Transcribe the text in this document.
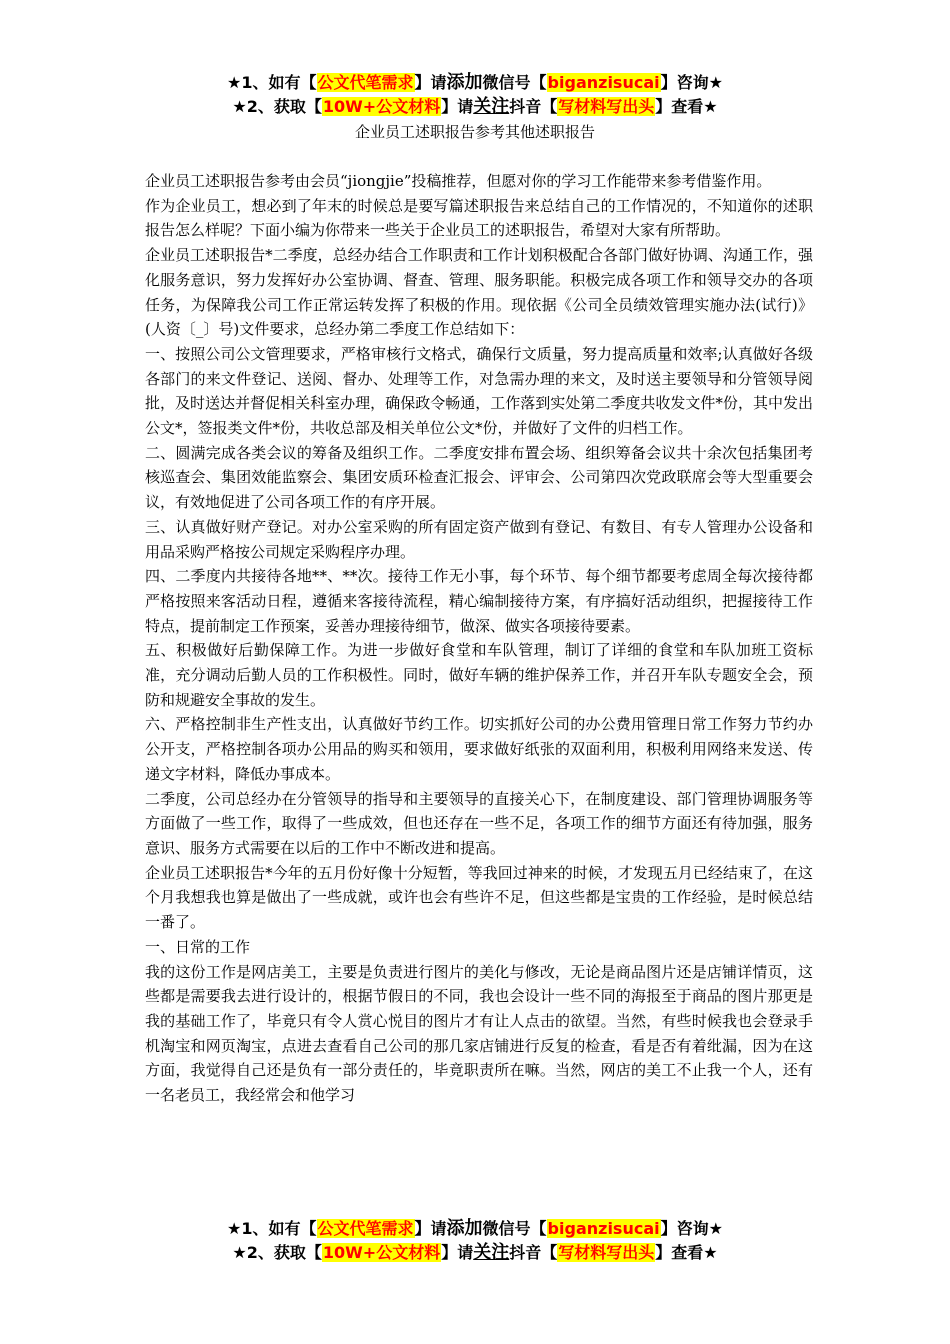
★1、如有【公文代笔需求】请添加微信号【biganzisucai】咨询★
★2、获取【10W+公文材料】请关注抖音【写材料写出头】查看★
企业员工述职报告参考其他述职报告

企业员工述职报告参考由会员“jiongjie”投稿推荐，但愿对你的学习工作能带来参考借鉴作用。

作为企业员工，想必到了年末的时候总是要写篇述职报告来总结自己的工作情况的，不知道你的述职报告怎么样呢？下面小编为你带来一些关于企业员工的述职报告，希望对大家有所帮助。

企业员工述职报告*二季度，总经办结合工作职责和工作计划积极配合各部门做好协调、沟通工作，强化服务意识，努力发挥好办公室协调、督查、管理、服务职能。积极完成各项工作和领导交办的各项任务，为保障我公司工作正常运转发挥了积极的作用。现依据《公司全员绩效管理实施办法(试行)》(人资〔_〕号)文件要求，总经办第二季度工作总结如下：

一、按照公司公文管理要求，严格审核行文格式，确保行文质量，努力提高质量和效率;认真做好各级各部门的来文件登记、送阅、督办、处理等工作，对急需办理的来文，及时送主要领导和分管领导阅批，及时送达并督促相关科室办理，确保政令畅通，工作落到实处第二季度共收发文件*份，其中发出公文*，签报类文件*份，共收总部及相关单位公文*份，并做好了文件的归档工作。

二、圆满完成各类会议的筹备及组织工作。二季度安排布置会场、组织筹备会议共十余次包括集团考核巡查会、集团效能监察会、集团安质环检查汇报会、评审会、公司第四次党政联席会等大型重要会议，有效地促进了公司各项工作的有序开展。

三、认真做好财产登记。对办公室采购的所有固定资产做到有登记、有数目、有专人管理办公设备和用品采购严格按公司规定采购程序办理。

四、二季度内共接待各地**、**次。接待工作无小事，每个环节、每个细节都要考虑周全每次接待都严格按照来客活动日程，遵循来客接待流程，精心编制接待方案，有序搞好活动组织，把握接待工作特点，提前制定工作预案，妥善办理接待细节，做深、做实各项接待要素。

五、积极做好后勤保障工作。为进一步做好食堂和车队管理，制订了详细的食堂和车队加班工资标准，充分调动后勤人员的工作积极性。同时，做好车辆的维护保养工作，并召开车队专题安全会，预防和规避安全事故的发生。

六、严格控制非生产性支出，认真做好节约工作。切实抓好公司的办公费用管理日常工作努力节约办公开支，严格控制各项办公用品的购买和领用，要求做好纸张的双面利用，积极利用网络来发送、传递文字材料，降低办事成本。

二季度，公司总经办在分管领导的指导和主要领导的直接关心下，在制度建设、部门管理协调服务等方面做了一些工作，取得了一些成效，但也还存在一些不足，各项工作的细节方面还有待加强，服务意识、服务方式需要在以后的工作中不断改进和提高。

企业员工述职报告*今年的五月份好像十分短暂，等我回过神来的时候，才发现五月已经结束了，在这个月我想我也算是做出了一些成就，或许也会有些许不足，但这些都是宝贵的工作经验，是时候总结一番了。

一、日常的工作

我的这份工作是网店美工，主要是负责进行图片的美化与修改，无论是商品图片还是店铺详情页，这些都是需要我去进行设计的，根据节假日的不同，我也会设计一些不同的海报至于商品的图片那更是我的基础工作了，毕竟只有令人赏心悦目的图片才有让人点击的欲望。当然，有些时候我也会登录手机淘宝和网页淘宝，点进去查看自己公司的那几家店铺进行反复的检查，看是否有着纰漏，因为在这方面，我觉得自己还是负有一部分责任的，毕竟职责所在嘛。当然，网店的美工不止我一个人，还有一名老员工，我经常会和他学习

★1、如有【公文代笔需求】请添加微信号【biganzisucai】咨询★
★2、获取【10W+公文材料】请关注抖音【写材料写出头】查看★
